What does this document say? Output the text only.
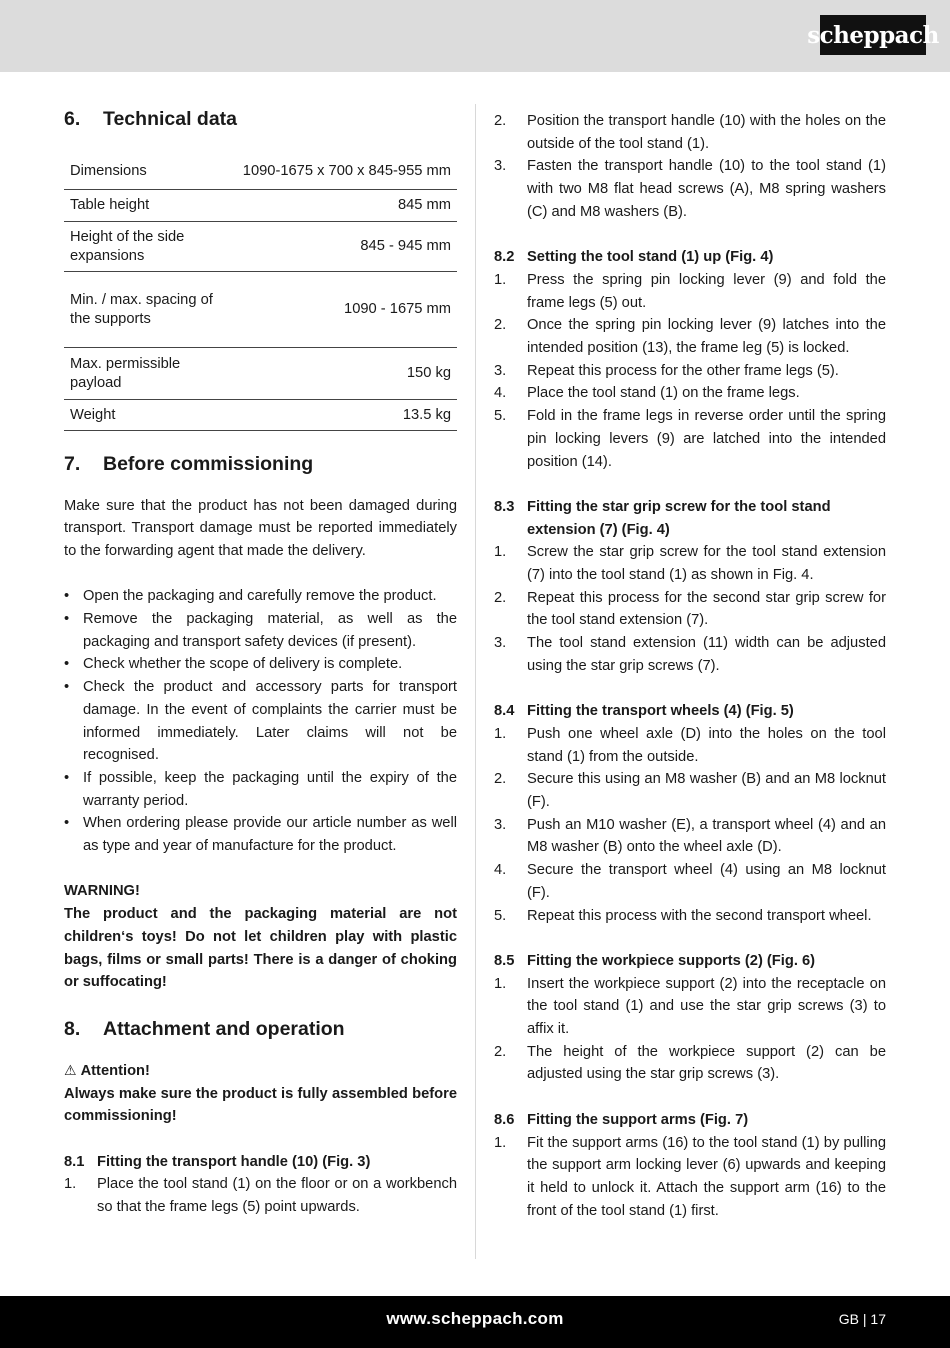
scheppach
6.	Technical data
Dimensions	1090-1675 x 700 x 845-955 mm
Table height	845 mm
Height of the side expansions	845 - 945 mm
Min. / max. spacing of the supports	1090 - 1675 mm
Max. permissible payload	150 kg
Weight	13.5 kg
7.	Before commissioning

Make sure that the product has not been damaged during transport. Transport damage must be reported immediately to the forwarding agent that made the delivery.

• Open the packaging and carefully remove the product.
• Remove the packaging material, as well as the packaging and transport safety devices (if present).
• Check whether the scope of delivery is complete.
• Check the product and accessory parts for transport damage. In the event of complaints the carrier must be informed immediately. Later claims will not be recognised.
• If possible, keep the packaging until the expiry of the warranty period.
• When ordering please provide our article number as well as type and year of manufacture for the product.

WARNING!

The product and the packaging material are not children‘s toys! Do not let children play with plastic bags, films or small parts! There is a danger of choking or suffocating!

8.	Attachment and operation
⚠ Attention!

Always make sure the product is fully assembled before commissioning!

8.1 Fitting the transport handle (10) (Fig. 3)
1.	Place the tool stand (1) on the floor or on a workbench so that the frame legs (5) point upwards.
2.	Position the transport handle (10) with the holes on the outside of the tool stand (1).
3.	Fasten the transport handle (10) to the tool stand (1) with two M8 flat head screws (A), M8 spring washers (C) and M8 washers (B).
8.2 Setting the tool stand (1) up (Fig. 4)
1.	Press the spring pin locking lever (9) and fold the frame legs (5) out.
2.	Once the spring pin locking lever (9) latches into the intended position (13), the frame leg (5) is locked.
3.	Repeat this process for the other frame legs (5).
4.	Place the tool stand (1) on the frame legs.
5.	Fold in the frame legs in reverse order until the spring pin locking levers (9) are latched into the intended position (14).
8.3 Fitting the star grip screw for the tool stand extension (7) (Fig. 4)
1.	Screw the star grip screw for the tool stand extension (7) into the tool stand (1) as shown in Fig. 4.
2.	Repeat this process for the second star grip screw for the tool stand extension (7).
3.	The tool stand extension (11) width can be adjusted using the star grip screws (7).
8.4 Fitting the transport wheels (4) (Fig. 5)
1.	Push one wheel axle (D) into the holes on the tool stand (1) from the outside.
2.	Secure this using an M8 washer (B) and an M8 locknut (F).
3.	Push an M10 washer (E), a transport wheel (4) and an M8 washer (B) onto the wheel axle (D).
4.	Secure the transport wheel (4) using an M8 locknut (F).
5.	Repeat this process with the second transport wheel.
8.5 Fitting the workpiece supports (2) (Fig. 6)
1.	Insert the workpiece support (2) into the receptacle on the tool stand (1) and use the star grip screws (3) to affix it.
2.	The height of the workpiece support (2) can be adjusted using the star grip screws (3).
8.6 Fitting the support arms (Fig. 7)
1.	Fit the support arms (16) to the tool stand (1) by pulling the support arm locking lever (6) upwards and keeping it held to unlock it. Attach the support arm (16) to the front of the tool stand (1) first.
www.scheppach.com	GB | 17
